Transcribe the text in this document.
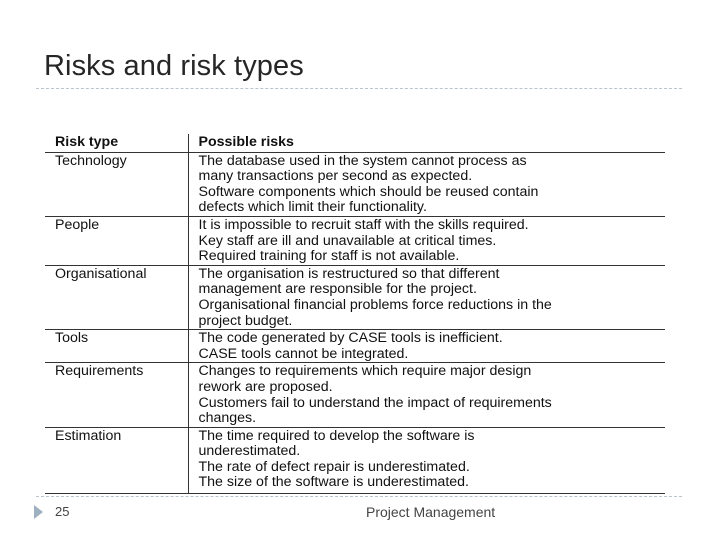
Risks and risk types
Risk type	Possible risks
Technology	The database used in the system cannot process as
many transactions per second as expected.
Software components which should be reused contain
defects which limit their functionality.

People	It is impossible to recruit staff with the skills required.
Key staff are ill and unavailable at critical times.
Required training for staff is not available.

Organisational	The organisation is restructured so that different
management are responsible for the project.
Organisational financial problems force reductions in the
project budget.

Tools	The code generated by CASE tools is inefficient.
CASE tools cannot be integrated.

Requirements	Changes to requirements which require major design
rework are proposed.
Customers fail to understand the impact of requirements
changes.

Estimation	The time required to develop the software is
underestimated.
The rate of defect repair is underestimated.
The size of the software is underestimated.
25	Project Management
